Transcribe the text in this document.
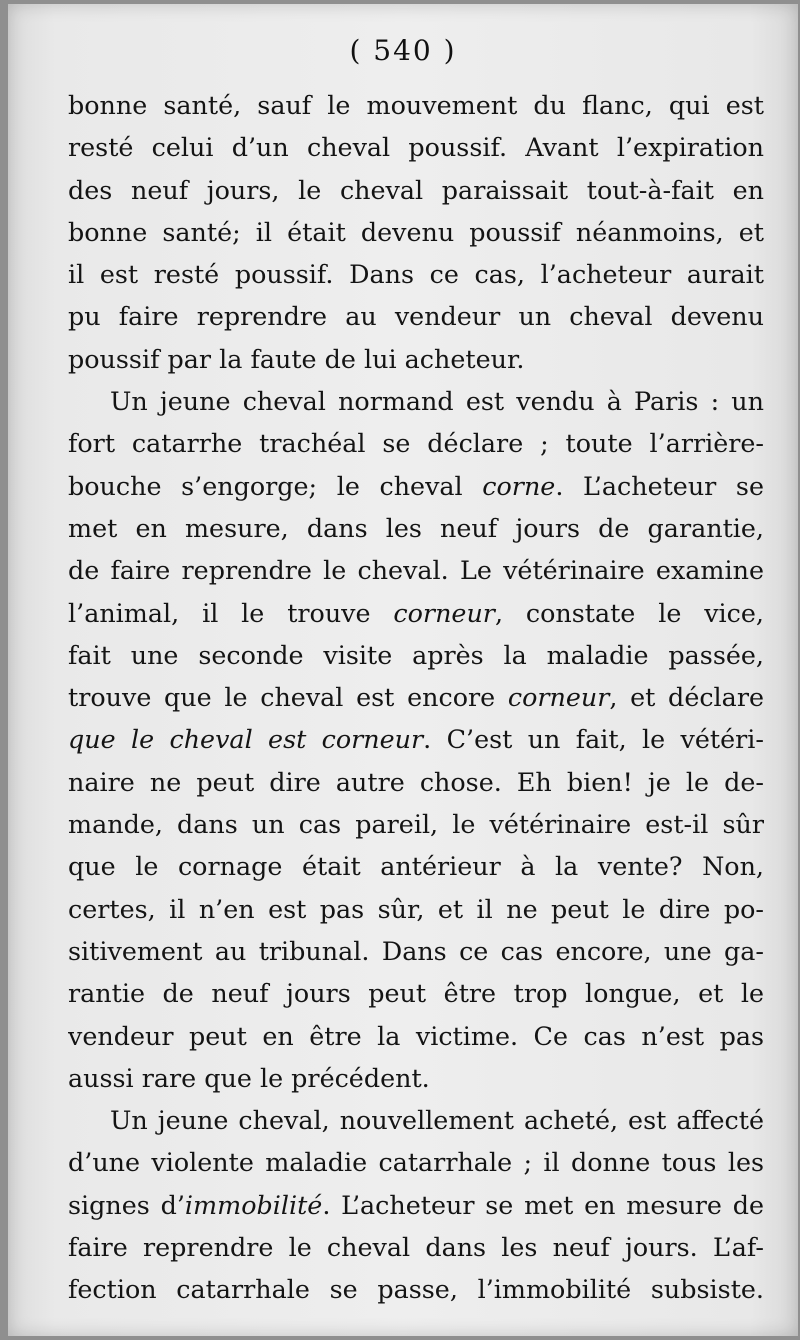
( 540 )
bonne santé, sauf le mouvement du flanc, qui est
resté celui d’un cheval poussif. Avant l’expiration
des neuf jours, le cheval paraissait tout-à-fait en
bonne santé; il était devenu poussif néanmoins, et
il est resté poussif. Dans ce cas, l’acheteur aurait
pu faire reprendre au vendeur un cheval devenu
poussif par la faute de lui acheteur.
Un jeune cheval normand est vendu à Paris : un
fort catarrhe trachéal se déclare ; toute l’arrière-
bouche s’engorge; le cheval corne. L’acheteur se
met en mesure, dans les neuf jours de garantie,
de faire reprendre le cheval. Le vétérinaire examine
l’animal, il le trouve corneur, constate le vice,
fait une seconde visite après la maladie passée,
trouve que le cheval est encore corneur, et déclare
que le cheval est corneur. C’est un fait, le vétéri-
naire ne peut dire autre chose. Eh bien! je le de-
mande, dans un cas pareil, le vétérinaire est-il sûr
que le cornage était antérieur à la vente? Non,
certes, il n’en est pas sûr, et il ne peut le dire po-
sitivement au tribunal. Dans ce cas encore, une ga-
rantie de neuf jours peut être trop longue, et le
vendeur peut en être la victime. Ce cas n’est pas
aussi rare que le précédent.
Un jeune cheval, nouvellement acheté, est affecté
d’une violente maladie catarrhale ; il donne tous les
signes d’immobilité. L’acheteur se met en mesure de
faire reprendre le cheval dans les neuf jours. L’af-
fection catarrhale se passe, l’immobilité subsiste.
